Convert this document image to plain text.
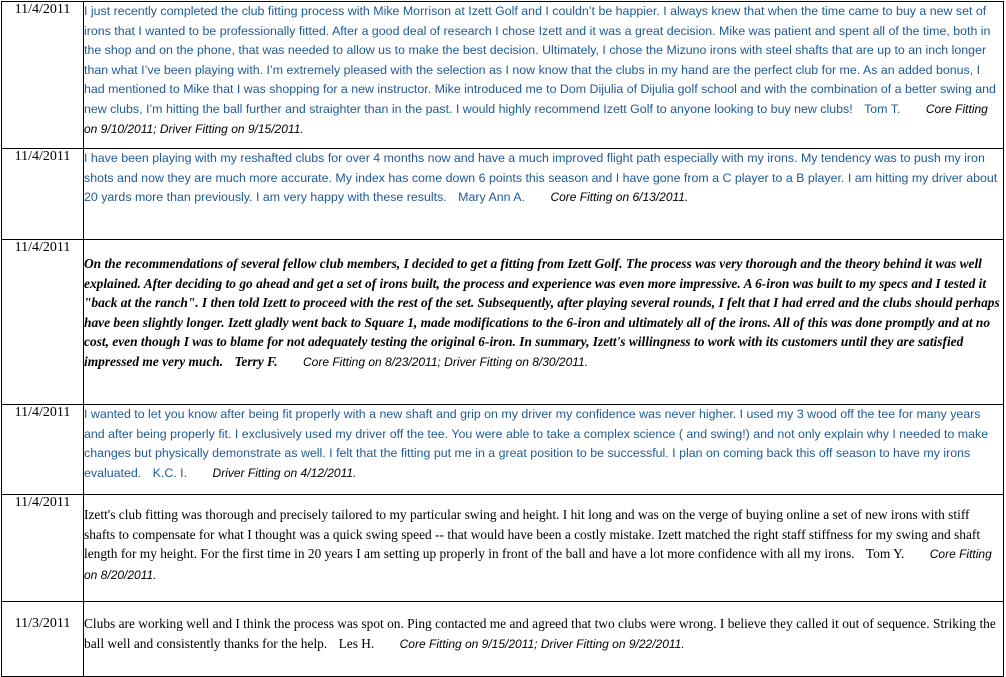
11/4/2011	I just recently completed the club fitting process with Mike Morrison at Izett Golf and I couldn’t be happier. I always knew that when the time came to buy a new set of irons that I wanted to be professionally fitted. After a good deal of research I chose Izett and it was a great decision. Mike was patient and spent all of the time, both in the shop and on the phone, that was needed to allow us to make the best decision. Ultimately, I chose the Mizuno irons with steel shafts that are up to an inch longer than what I’ve been playing with. I’m extremely pleased with the selection as I now know that the clubs in my hand are the perfect club for me. As an added bonus, I had mentioned to Mike that I was shopping for a new instructor. Mike introduced me to Dom Dijulia of Dijulia golf school and with the combination of a better swing and new clubs, I’m hitting the ball further and straighter than in the past. I would highly recommend Izett Golf to anyone looking to buy new clubs! Tom T. Core Fitting on 9/10/2011; Driver Fitting on 9/15/2011.

11/4/2011	I have been playing with my reshafted clubs for over 4 months now and have a much improved flight path especially with my irons. My tendency was to push my iron shots and now they are much more accurate. My index has come down 6 points this season and I have gone from a C player to a B player. I am hitting my driver about 20 yards more than previously. I am very happy with these results. Mary Ann A. Core Fitting on 6/13/2011.

11/4/2011	On the recommendations of several fellow club members, I decided to get a fitting from Izett Golf. The process was very thorough and the theory behind it was well explained. After deciding to go ahead and get a set of irons built, the process and experience was even more impressive. A 6-iron was built to my specs and I tested it "back at the ranch". I then told Izett to proceed with the rest of the set. Subsequently, after playing several rounds, I felt that I had erred and the clubs should perhaps have been slightly longer. Izett gladly went back to Square 1, made modifications to the 6-iron and ultimately all of the irons. All of this was done promptly and at no cost, even though I was to blame for not adequately testing the original 6-iron. In summary, Izett's willingness to work with its customers until they are satisfied impressed me very much. Terry F. Core Fitting on 8/23/2011; Driver Fitting on 8/30/2011.

11/4/2011	I wanted to let you know after being fit properly with a new shaft and grip on my driver my confidence was never higher. I used my 3 wood off the tee for many years and after being properly fit. I exclusively used my driver off the tee. You were able to take a complex science ( and swing!) and not only explain why I needed to make changes but physically demonstrate as well. I felt that the fitting put me in a great position to be successful. I plan on coming back this off season to have my irons evaluated. K.C. I. Driver Fitting on 4/12/2011.

11/4/2011	Izett's club fitting was thorough and precisely tailored to my particular swing and height. I hit long and was on the verge of buying online a set of new irons with stiff shafts to compensate for what I thought was a quick swing speed -- that would have been a costly mistake. Izett matched the right staff stiffness for my swing and shaft length for my height. For the first time in 20 years I am setting up properly in front of the ball and have a lot more confidence with all my irons. Tom Y. Core Fitting on 8/20/2011.

11/3/2011	Clubs are working well and I think the process was spot on. Ping contacted me and agreed that two clubs were wrong. I believe they called it out of sequence. Striking the ball well and consistently thanks for the help. Les H. Core Fitting on 9/15/2011; Driver Fitting on 9/22/2011.
